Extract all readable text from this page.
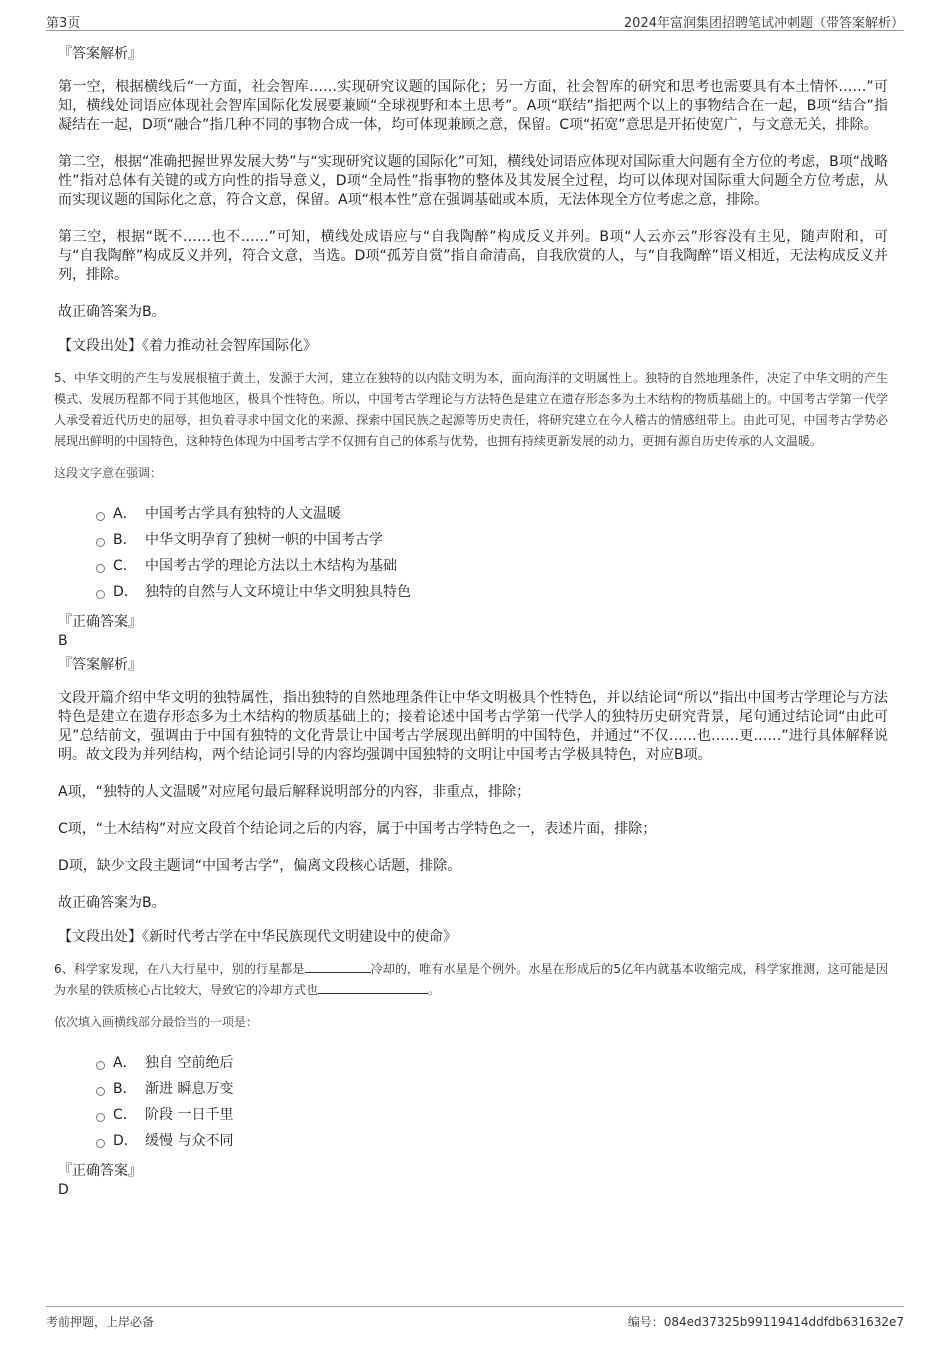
第3页	2024年富润集团招聘笔试冲刺题（带答案解析）
『答案解析』

第一空，根据横线后“一方面，社会智库……实现研究议题的国际化；另一方面，社会智库的研究和思考也需要具有本土情怀……”可知，横线处词语应体现社会智库国际化发展要兼顾“全球视野和本土思考”。A项“联结”指把两个以上的事物结合在一起，B项“结合”指凝结在一起，D项“融合”指几种不同的事物合成一体，均可体现兼顾之意，保留。C项“拓宽”意思是开拓使宽广，与文意无关，排除。

第二空，根据“准确把握世界发展大势”与“实现研究议题的国际化”可知，横线处词语应体现对国际重大问题有全方位的考虑，B项“战略性”指对总体有关键的或方向性的指导意义，D项“全局性”指事物的整体及其发展全过程，均可以体现对国际重大问题全方位考虑，从而实现议题的国际化之意，符合文意，保留。A项“根本性”意在强调基础或本质，无法体现全方位考虑之意，排除。

第三空，根据“既不……也不……”可知，横线处成语应与“自我陶醉”构成反义并列。B项“人云亦云”形容没有主见，随声附和，可与“自我陶醉”构成反义并列，符合文意，当选。D项“孤芳自赏”指自命清高，自我欣赏的人，与“自我陶醉”语义相近，无法构成反义并列，排除。

故正确答案为B。

【文段出处】《着力推动社会智库国际化》

5、中华文明的产生与发展根植于黄土，发源于大河，建立在独特的以内陆文明为本，面向海洋的文明属性上。独特的自然地理条件，决定了中华文明的产生模式、发展历程都不同于其他地区，极具个性特色。所以，中国考古学理论与方法特色是建立在遗存形态多为土木结构的物质基础上的。中国考古学第一代学人承受着近代历史的屈辱，担负着寻求中国文化的来源、探索中国民族之起源等历史责任，将研究建立在今人稽古的情感纽带上。由此可见，中国考古学势必展现出鲜明的中国特色，这种特色体现为中国考古学不仅拥有自己的体系与优势，也拥有持续更新发展的动力，更拥有源自历史传承的人文温暖。

这段文字意在强调：

A． 中国考古学具有独特的人文温暖
B． 中华文明孕育了独树一帜的中国考古学
C． 中国考古学的理论方法以土木结构为基础
D． 独特的自然与人文环境让中华文明独具特色
『正确答案』
B
『答案解析』

文段开篇介绍中华文明的独特属性，指出独特的自然地理条件让中华文明极具个性特色，并以结论词“所以”指出中国考古学理论与方法特色是建立在遗存形态多为土木结构的物质基础上的；接着论述中国考古学第一代学人的独特历史研究背景，尾句通过结论词“由此可见”总结前文，强调由于中国有独特的文化背景让中国考古学展现出鲜明的中国特色，并通过“不仅……也……更……”进行具体解释说明。故文段为并列结构，两个结论词引导的内容均强调中国独特的文明让中国考古学极具特色，对应B项。

A项，“独特的人文温暖”对应尾句最后解释说明部分的内容，非重点，排除；

C项，“土木结构”对应文段首个结论词之后的内容，属于中国考古学特色之一，表述片面，排除；

D项，缺少文段主题词“中国考古学”，偏离文段核心话题，排除。

故正确答案为B。

【文段出处】《新时代考古学在中华民族现代文明建设中的使命》

6、科学家发现，在八大行星中，别的行星都是	冷却的，唯有水星是个例外。水星在形成后的5亿年内就基本收缩完成，科学家推测，这可能是因为水星的铁质核心占比较大，导致它的冷却方式也	。

依次填入画横线部分最恰当的一项是：

A． 独自 空前绝后
B． 渐进 瞬息万变
C． 阶段 一日千里
D． 缓慢 与众不同
『正确答案』
D
考前押题，上岸必备	编号：084ed37325b99119414ddfdb631632e7
